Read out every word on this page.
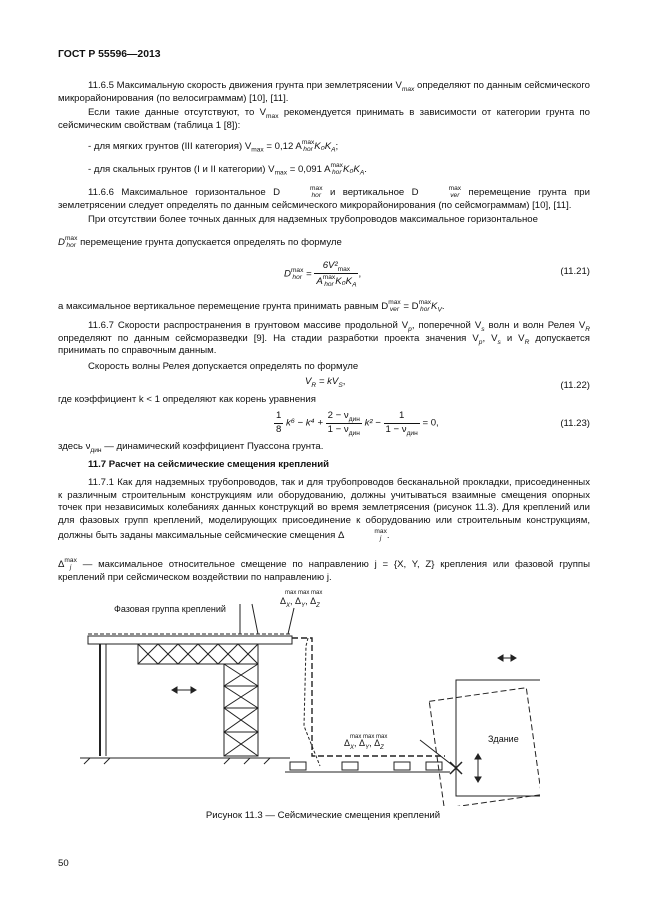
ГОСТ Р 55596—2013
11.6.5 Максимальную скорость движения грунта при землетрясении $V_{max}$ определяют по данным сейсмического микрорайонирования (по велосиграммам) [10], [11].
Если такие данные отсутствуют, то $V_{max}$ рекомендуется принимать в зависимости от категории грунта по сейсмическим свойствам (таблица 1 [8]):
- для мягких грунтов (III категория) $V_{max} = 0,12$ A max
hor $K_0K_A$;
- для скальных грунтов (I и II категории) $V_{max} = 0,091$ A max
hor $K_0K_A$.
11.6.6 Максимальное горизонтальное D	max
hor и вертикальное D	max
ver перемещение грунта при землетрясении следует определять по данным сейсмического микрорайонирования (по сейсмограммам) [10], [11].
При отсутствии более точных данных для надземных трубопроводов максимальное горизонтальное
D max
hor перемещение грунта допускается определять по формуле
D max
hor = $6V^2_{max}$
A max
hor $K_0K_A$ ,	(11.21)
а максимальное вертикальное перемещение грунта принимать равным D max
ver = D max
hor $K_V$.
11.6.7 Скорости распространения в грунтовом массиве продольной $V_p$, поперечной $V_s$ волн и волн Релея $V_R$ определяют по данным сейсморазведки [9]. На стадии разработки проекта значения $V_p$, $V_s$ и $V_R$ допускается принимать по справочным данным.
Скорость волны Релея допускается определять по формуле
$V_R = kV_S$,	(11.22)
где коэффициент k < 1 определяют как корень уравнения
$\frac{1}{8} k^6 - k^4 + \frac{2 - \nu_{дин}}{1 - \nu_{дин}} k^2 - \frac{1}{1 - \nu_{дин}} = 0$,	(11.23)
здесь $\nu_{дин}$ — динамический коэффициент Пуассона грунта.
11.7 Расчет на сейсмические смещения креплений
11.7.1 Как для надземных трубопроводов, так и для трубопроводов бесканальной прокладки, присоединенных к различным строительным конструкциям или оборудованию, должны учитываться взаимные смещения опорных точек при независимых колебаниях данных конструкций во время землетрясения (рисунок 11.3). Для креплений или для фазовых групп креплений, моделирующих присоединение к оборудованию или строительным конструкциям, должны быть заданы максимальные сейсмические смещения Δ	max
j .
Δ max
j	— максимальное относительное смещение по направлению j = {X, Y, Z} крепления или фазовой группы креплений при сейсмическом воздействии по направлению j.
Фазовая группа креплений
Здание
$\Delta_X$, $\Delta_Y$, $\Delta_Z$
max max max
$\Delta_X$, $\Delta_Y$, $\Delta_Z$
max max max
Рисунок 11.3 — Сейсмические смещения креплений
50
